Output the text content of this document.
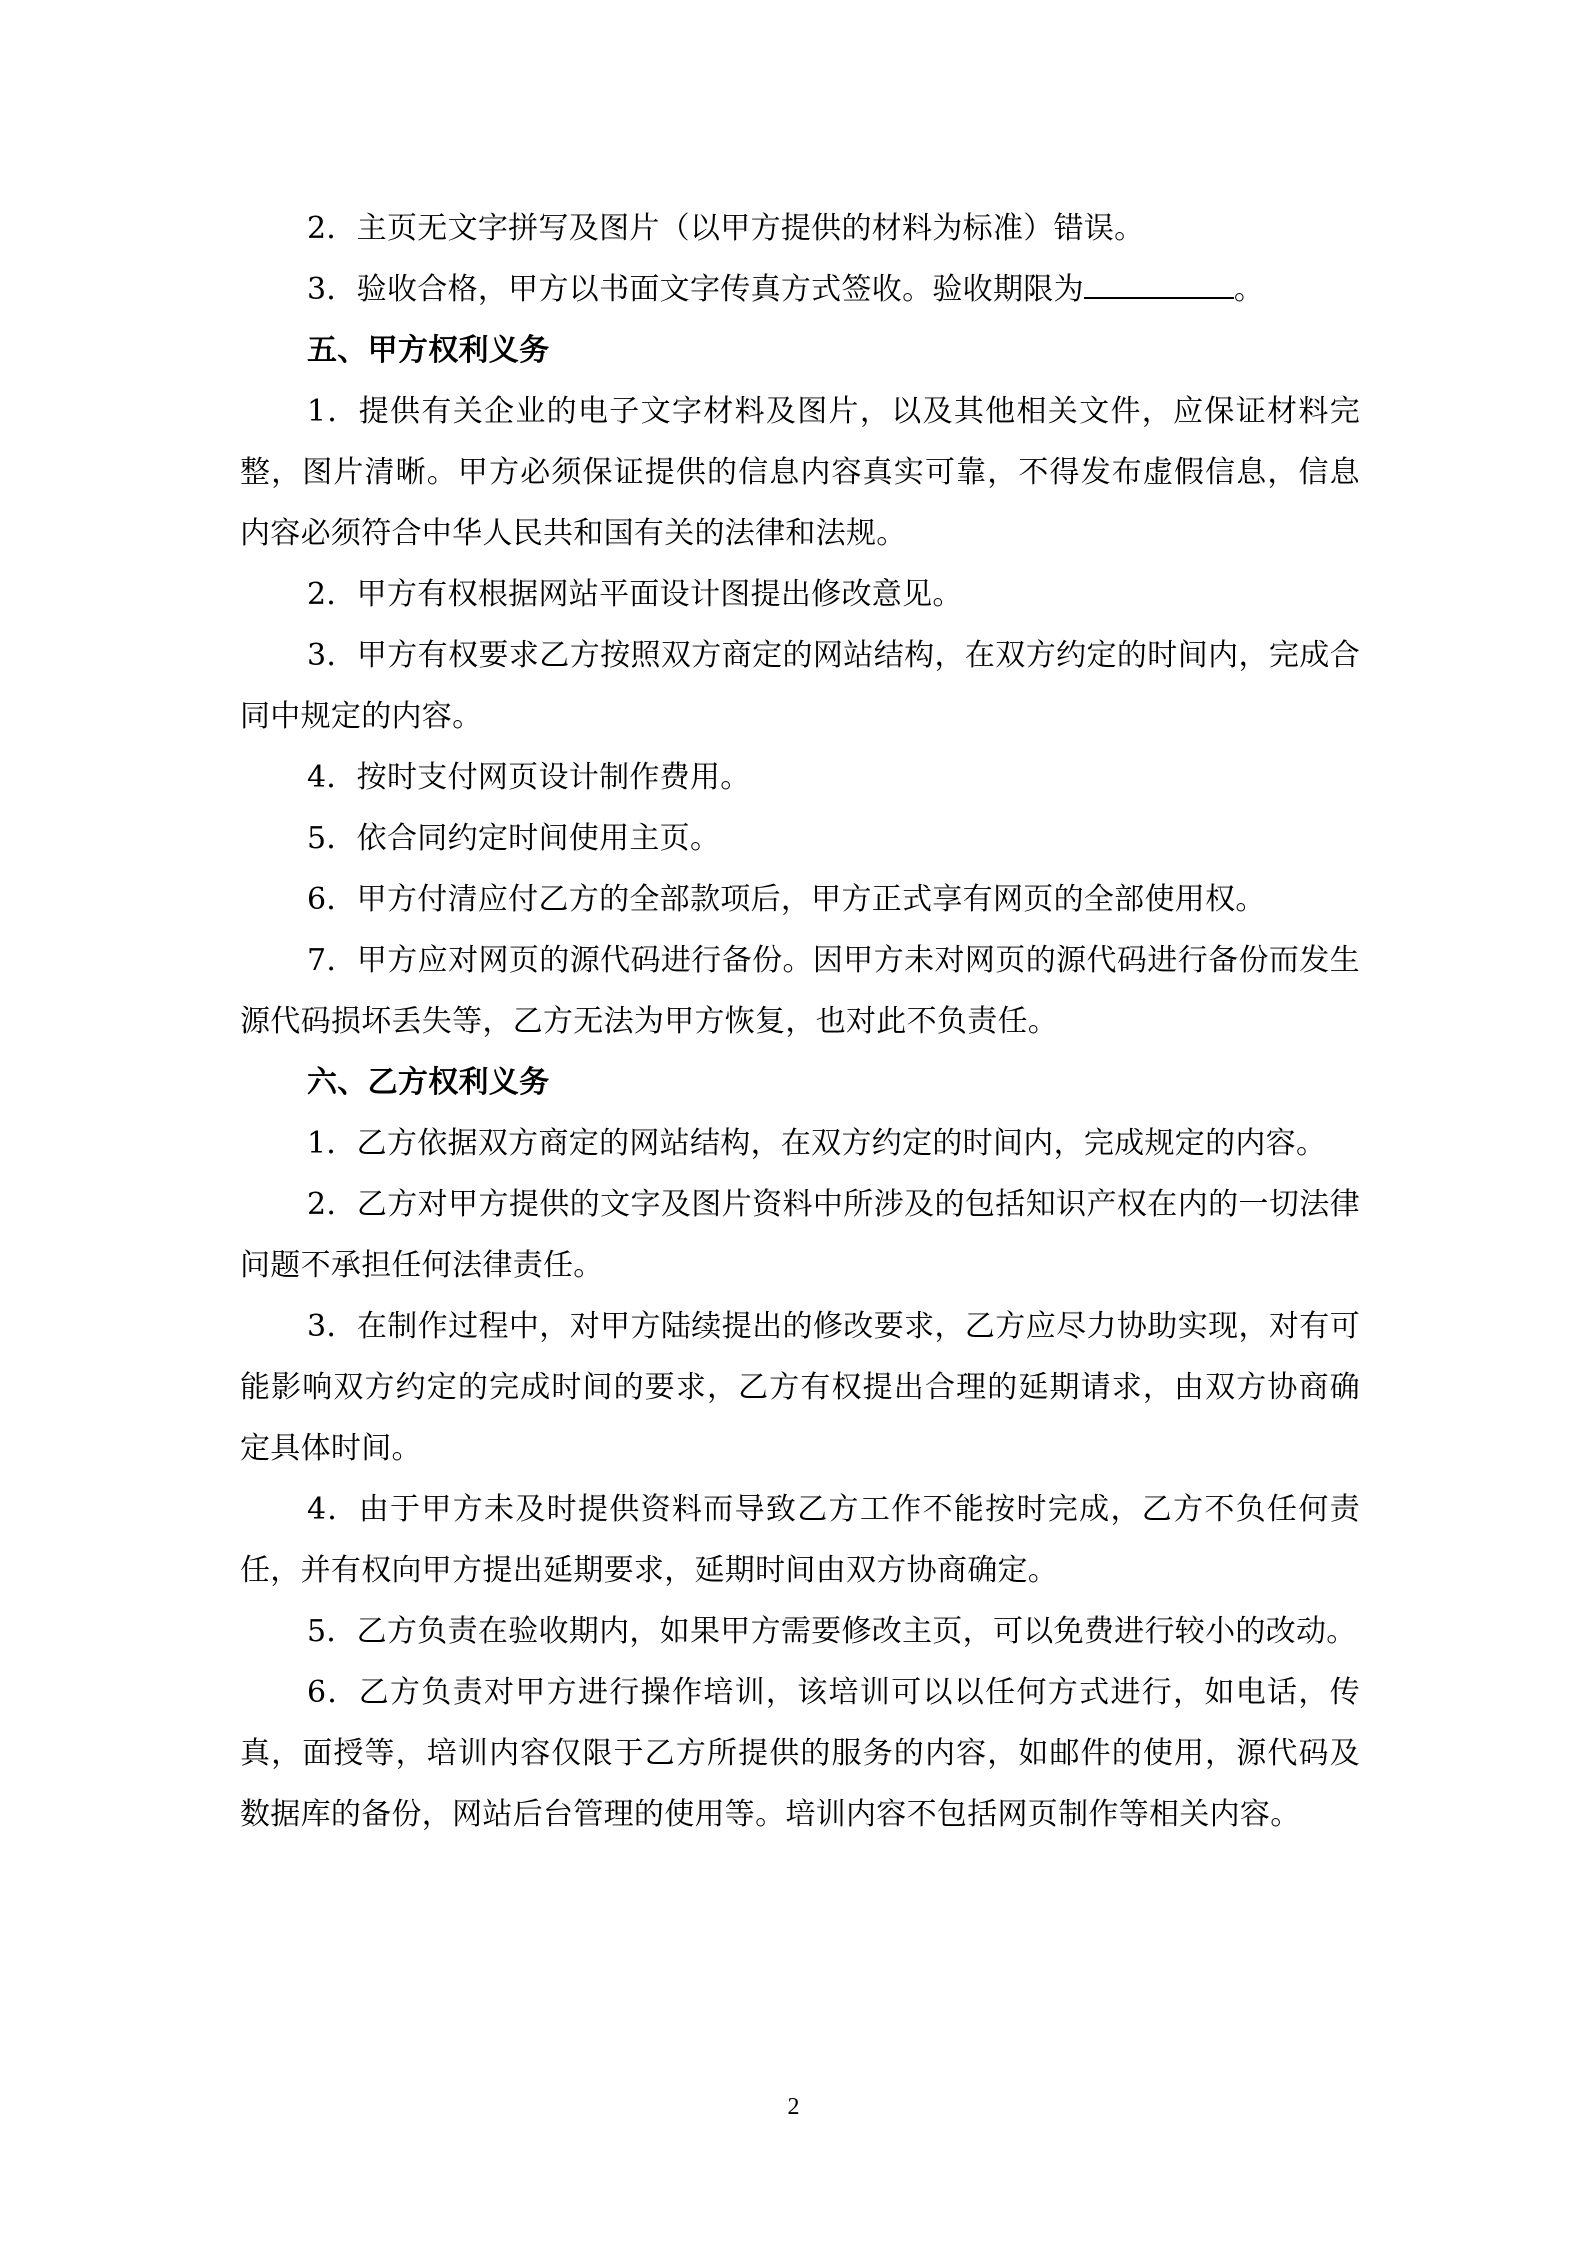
2．主页无文字拼写及图片（以甲方提供的材料为标准）错误。

3．验收合格，甲方以书面文字传真方式签收。验收期限为	。

五、甲方权利义务

1．提供有关企业的电子文字材料及图片，以及其他相关文件，应保证材料完整，图片清晰。甲方必须保证提供的信息内容真实可靠，不得发布虚假信息，信息内容必须符合中华人民共和国有关的法律和法规。

2．甲方有权根据网站平面设计图提出修改意见。

3．甲方有权要求乙方按照双方商定的网站结构，在双方约定的时间内，完成合同中规定的内容。

4．按时支付网页设计制作费用。

5．依合同约定时间使用主页。

6．甲方付清应付乙方的全部款项后，甲方正式享有网页的全部使用权。

7．甲方应对网页的源代码进行备份。因甲方未对网页的源代码进行备份而发生源代码损坏丢失等，乙方无法为甲方恢复，也对此不负责任。

六、乙方权利义务

1．乙方依据双方商定的网站结构，在双方约定的时间内，完成规定的内容。

2．乙方对甲方提供的文字及图片资料中所涉及的包括知识产权在内的一切法律问题不承担任何法律责任。

3．在制作过程中，对甲方陆续提出的修改要求，乙方应尽力协助实现，对有可能影响双方约定的完成时间的要求，乙方有权提出合理的延期请求，由双方协商确定具体时间。

4．由于甲方未及时提供资料而导致乙方工作不能按时完成，乙方不负任何责任，并有权向甲方提出延期要求，延期时间由双方协商确定。

5．乙方负责在验收期内，如果甲方需要修改主页，可以免费进行较小的改动。

6．乙方负责对甲方进行操作培训，该培训可以以任何方式进行，如电话，传真，面授等，培训内容仅限于乙方所提供的服务的内容，如邮件的使用，源代码及数据库的备份，网站后台管理的使用等。培训内容不包括网页制作等相关内容。

2
